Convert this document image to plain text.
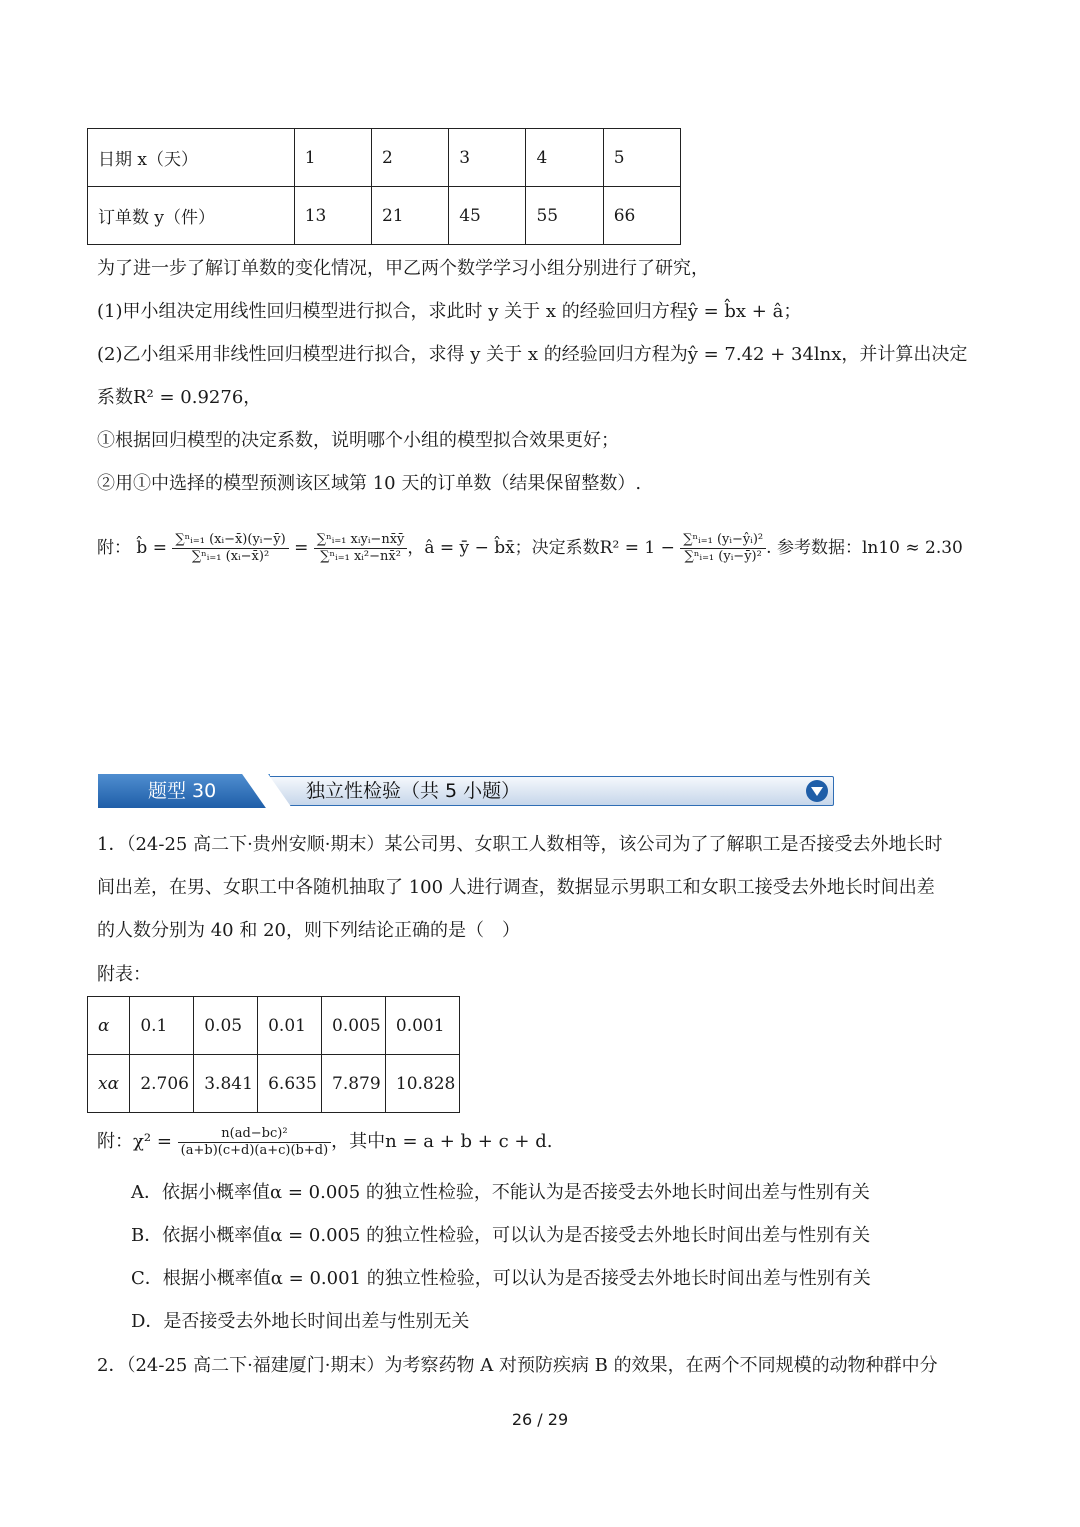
日期 x（天）	1	2	3	4	5
订单数 y（件）	13	21	45	55	66
为了进一步了解订单数的变化情况，甲乙两个数学学习小组分别进行了研究，
(1)甲小组决定用线性回归模型进行拟合，求此时 y 关于 x 的经验回归方程ŷ = b̂x + â；
(2)乙小组采用非线性回归模型进行拟合，求得 y 关于 x 的经验回归方程为ŷ = 7.42 + 34lnx，并计算出决定
系数R² = 0.9276，
①根据回归模型的决定系数，说明哪个小组的模型拟合效果更好；
②用①中选择的模型预测该区域第 10 天的订单数（结果保留整数）.
附： b̂ = $\frac{\text{∑ⁿᵢ₌₁ (xᵢ−x̄)(yᵢ−ȳ)}}{\text{∑ⁿᵢ₌₁ (xᵢ−x̄)²}} = \frac{\text{∑ⁿᵢ₌₁ xᵢyᵢ−nx̄ȳ}}{\text{∑ⁿᵢ₌₁ xᵢ²−nx̄²}}$ ，â = ȳ − b̂x̄；决定系数$R^2 = 1 - \frac{\text{∑ⁿᵢ₌₁ (yᵢ−ŷᵢ)²}}{\text{∑ⁿᵢ₌₁ (yᵢ−ȳ)²}}$ . 参考数据：ln10 ≈ 2.30
题型 30	独立性检验（共 5 小题）
1．（24-25 高二下·贵州安顺·期末）某公司男、女职工人数相等，该公司为了了解职工是否接受去外地长时
间出差，在男、女职工中各随机抽取了 100 人进行调查，数据显示男职工和女职工接受去外地长时间出差
的人数分别为 40 和 20，则下列结论正确的是（　）
附表：
α	0.1	0.05	0.01	0.005	0.001
xα	2.706	3.841	6.635	7.879	10.828
附：$\chi^2 = \frac{\text{n(ad−bc)²}}{(a+b)(c+d)(a+c)(b+d)}$ ，其中n = a + b + c + d.
A．依据小概率值α = 0.005 的独立性检验，不能认为是否接受去外地长时间出差与性别有关
B．依据小概率值α = 0.005 的独立性检验，可以认为是否接受去外地长时间出差与性别有关
C．根据小概率值α = 0.001 的独立性检验，可以认为是否接受去外地长时间出差与性别有关
D．是否接受去外地长时间出差与性别无关
2．（24-25 高二下·福建厦门·期末）为考察药物 A 对预防疾病 B 的效果，在两个不同规模的动物种群中分
26 / 29
